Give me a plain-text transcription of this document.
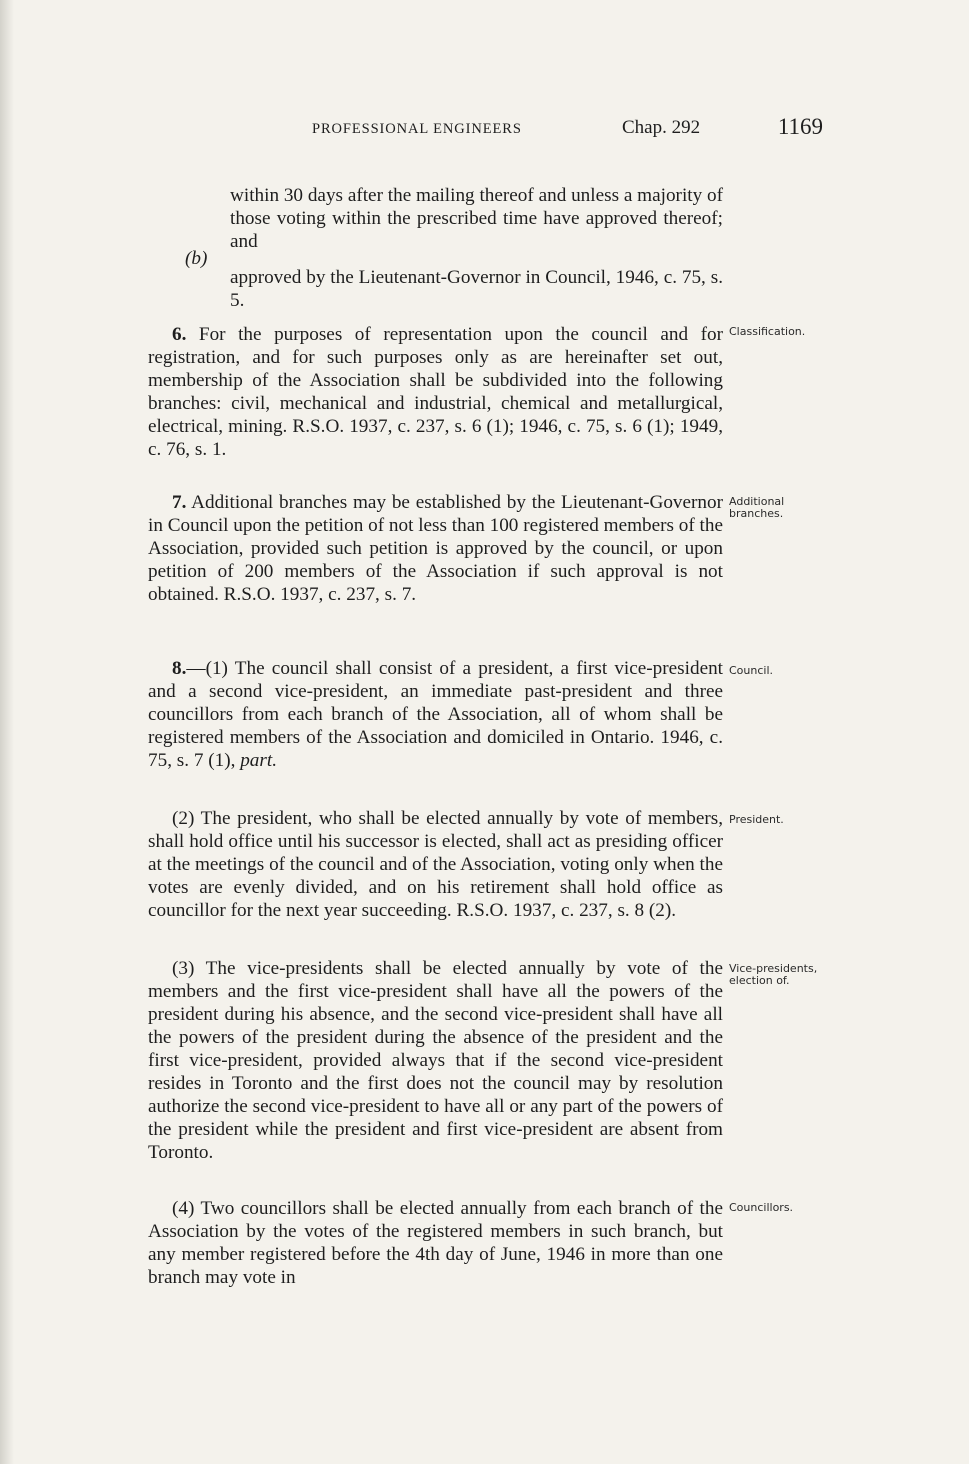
PROFESSIONAL ENGINEERS	Chap. 292	1169

within 30 days after the mailing thereof and unless a majority of those voting within the prescribed time have approved thereof; and

(b)

approved by the Lieutenant-Governor in Council, 1946, c. 75, s. 5.

6. For the purposes of representation upon the council and for registration, and for such purposes only as are hereinafter set out, membership of the Association shall be subdivided into the following branches: civil, mechanical and industrial, chemical and metallurgical, electrical, mining. R.S.O. 1937, c. 237, s. 6 (1); 1946, c. 75, s. 6 (1); 1949, c. 76, s. 1.

Classification.

7. Additional branches may be established by the Lieutenant-Governor in Council upon the petition of not less than 100 registered members of the Association, provided such petition is approved by the council, or upon petition of 200 members of the Association if such approval is not obtained. R.S.O. 1937, c. 237, s. 7.

Additional branches.

8.—(1) The council shall consist of a president, a first vice-president and a second vice-president, an immediate past-president and three councillors from each branch of the Association, all of whom shall be registered members of the Association and domiciled in Ontario. 1946, c. 75, s. 7 (1), part.

Council.

(2) The president, who shall be elected annually by vote of members, shall hold office until his successor is elected, shall act as presiding officer at the meetings of the council and of the Association, voting only when the votes are evenly divided, and on his retirement shall hold office as councillor for the next year succeeding. R.S.O. 1937, c. 237, s. 8 (2).

President.

(3) The vice-presidents shall be elected annually by vote of the members and the first vice-president shall have all the powers of the president during his absence, and the second vice-president shall have all the powers of the president during the absence of the president and the first vice-president, provided always that if the second vice-president resides in Toronto and the first does not the council may by resolution authorize the second vice-president to have all or any part of the powers of the president while the president and first vice-president are absent from Toronto.

Vice-presidents, election of.

(4) Two councillors shall be elected annually from each branch of the Association by the votes of the registered members in such branch, but any member registered before the 4th day of June, 1946 in more than one branch may vote in

Councillors.
